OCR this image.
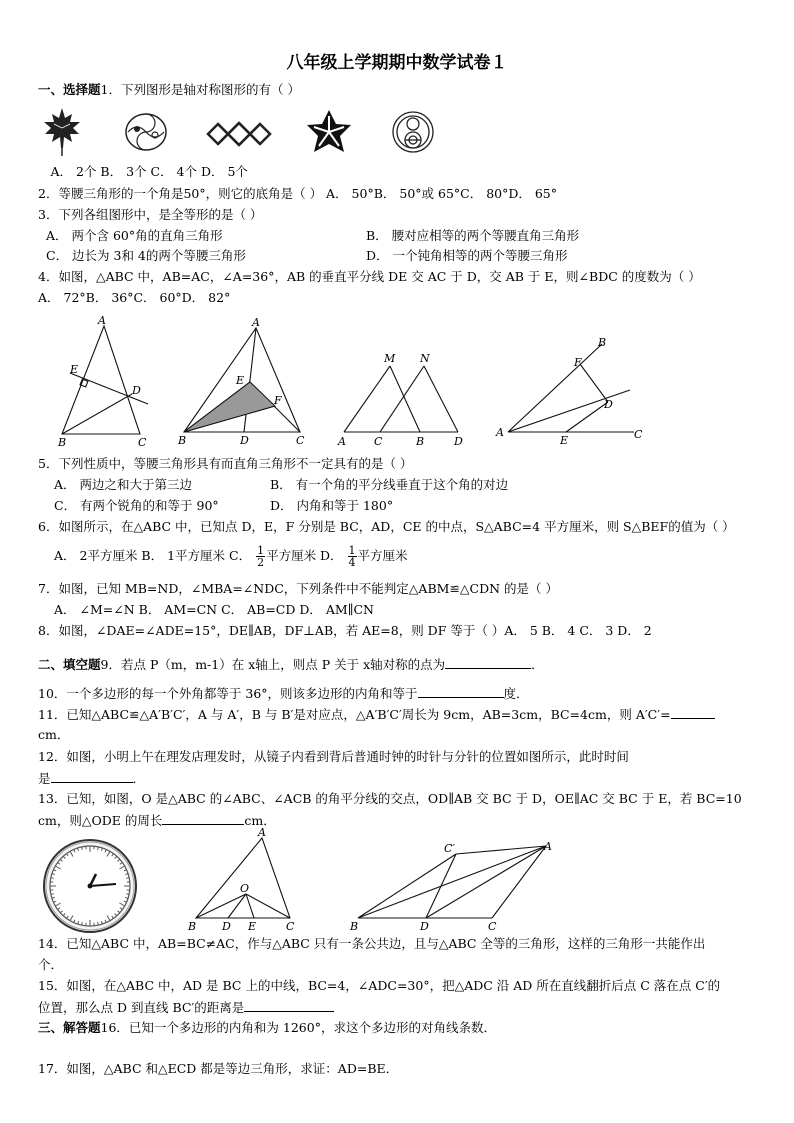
八年级上学期期中数学试卷１
一、选择题1．下列图形是轴对称图形的有（ ）
　A． 2个 B． 3个 C． 4个 D． 5个
2．等腰三角形的一个角是50°，则它的底角是（ ） A． 50°B． 50°或 65°C． 80°D． 65°
3．下列各组图形中，是全等形的是（ ）
A． 两个含 60°角的直角三角形	B． 腰对应相等的两个等腰直角三角形
C． 边长为 3和 4的两个等腰三角形	D． 一个钝角相等的两个等腰三角形
4．如图，△ABC 中，AB=AC，∠A=36°，AB 的垂直平分线 DE 交 AC 于 D，交 AB 于 E，则∠BDC 的度数为（ ）
A． 72°B． 36°C． 60°D． 82°
A
E
D
B	C
A
E
F
B	D	C
M N
A	C	B	D
B
F
D
A
E	C
5．下列性质中，等腰三角形具有而直角三角形不一定具有的是（ ）
A． 两边之和大于第三边	B． 有一个角的平分线垂直于这个角的对边
C． 有两个锐角的和等于 90°	D． 内角和等于 180°
6．如图所示，在△ABC 中，已知点 D，E，F 分别是 BC，AD，CE 的中点，S△ABC=4 平方厘米，则 S△BEF的值为（ ）
A． 2平方厘米 B． 1平方厘米 C． $\frac{1}{2}$ 平方厘米 D． $\frac{1}{4}$ 平方厘米
7．如图，已知 MB=ND，∠MBA=∠NDC，下列条件中不能判定△ABM≌△CDN 的是（ ）
A． ∠M=∠N B． AM=CN C． AB=CD D． AM∥CN
8．如图，∠DAE=∠ADE=15°，DE∥AB，DF⊥AB，若 AE=8，则 DF 等于（ ）A． 5 B． 4 C． 3 D． 2
二、填空题9．若点 P（m，m-1）在 x轴上，则点 P 关于 x轴对称的点为	．
10．一个多边形的每一个外角都等于 36°，则该多边形的内角和等于	度．
11．已知△ABC≌△A′B′C′，A 与 A′，B 与 B′是对应点，△A′B′C′周长为 9cm，AB=3cm，BC=4cm，则 A′C′=
cm．
12．如图，小明上午在理发店理发时，从镜子内看到背后普通时钟的时针与分针的位置如图所示，此时时间
是	．
13．已知，如图，O 是△ABC 的∠ABC、∠ACB 的角平分线的交点，OD∥AB 交 BC 于 D，OE∥AC 交 BC 于 E，若 BC=10
cm，则△ODE 的周长	cm．
A
O
B D E	C
C′	A
B	D	C
14．已知△ABC 中，AB=BC≠AC，作与△ABC 只有一条公共边，且与△ABC 全等的三角形，这样的三角形一共能作出
个．
15．如图，在△ABC 中，AD 是 BC 上的中线，BC=4，∠ADC=30°，把△ADC 沿 AD 所在直线翻折后点 C 落在点 C′的
位置，那么点 D 到直线 BC′的距离是
三、解答题16．已知一个多边形的内角和为 1260°，求这个多边形的对角线条数．
17．如图，△ABC 和△ECD 都是等边三角形，求证：AD=BE．
